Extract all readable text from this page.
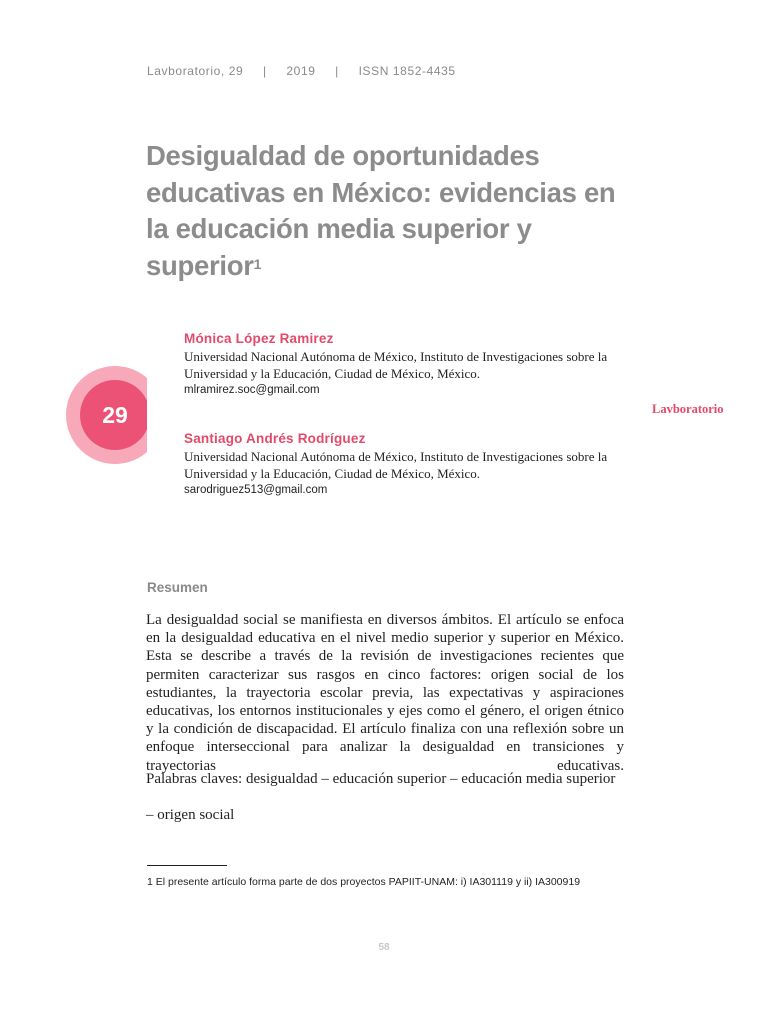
Lavboratorio, 29 | 2019 | ISSN 1852-4435
Desigualdad de oportunidades educativas en México: evidencias en la educación media superior y superior$^1$
29
Mónica López Ramirez
Universidad Nacional Autónoma de México, Instituto de Investigaciones sobre la Universidad y la Educación, Ciudad de México, México.
mlramirez.soc@gmail.com
Lavboratorio
Santiago Andrés Rodríguez
Universidad Nacional Autónoma de México, Instituto de Investigaciones sobre la Universidad y la Educación, Ciudad de México, México.
sarodriguez513@gmail.com
Resumen

La desigualdad social se manifiesta en diversos ámbitos. El artículo se enfoca en la desigualdad educativa en el nivel medio superior y superior en México. Esta se describe a través de la revisión de investigaciones recientes que permiten caracterizar sus rasgos en cinco factores: origen social de los estudiantes, la trayectoria escolar previa, las expectativas y aspiraciones educativas, los entornos institucionales y ejes como el género, el origen étnico y la condición de discapacidad. El artículo finaliza con una reflexión sobre un enfoque interseccional para analizar la desigualdad en transiciones y trayectorias educativas.

Palabras claves: desigualdad – educación superior – educación media superior

– origen social

1 El presente artículo forma parte de dos proyectos PAPIIT-UNAM: i) IA301119 y ii) IA300919
58
